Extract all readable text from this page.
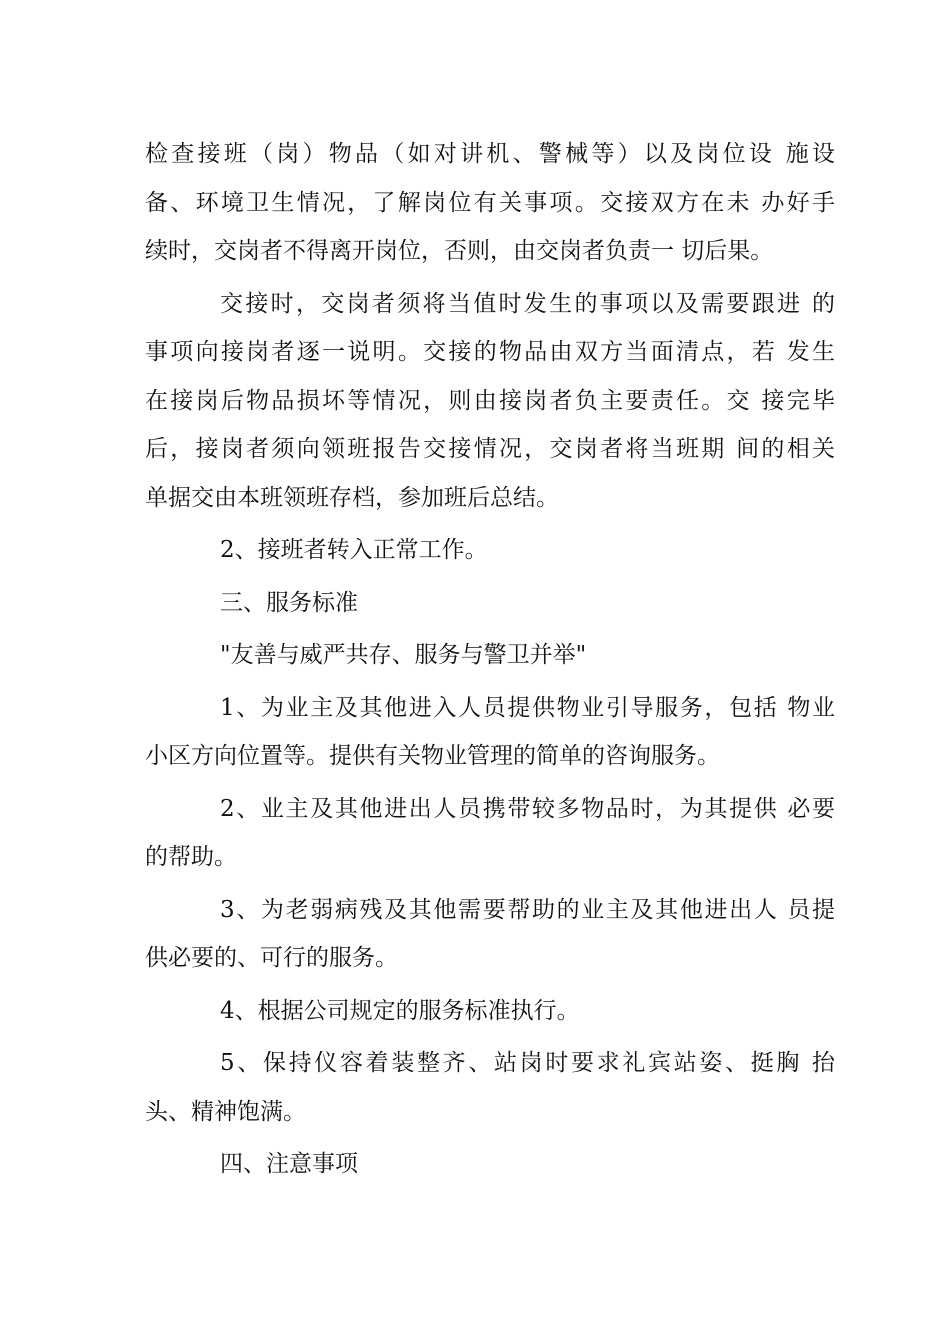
检查接班（岗）物品（如对讲机、警械等）以及岗位设 施设
备、环境卫生情况，了解岗位有关事项。交接双方在未 办好手
续时，交岗者不得离开岗位，否则，由交岗者负责一 切后果。
交接时，交岗者须将当值时发生的事项以及需要跟进 的
事项向接岗者逐一说明。交接的物品由双方当面清点，若 发生
在接岗后物品损坏等情况，则由接岗者负主要责任。交 接完毕
后，接岗者须向领班报告交接情况，交岗者将当班期 间的相关
单据交由本班领班存档，参加班后总结。
2、接班者转入正常工作。
三、服务标准
"友善与威严共存、服务与警卫并举"
1、为业主及其他进入人员提供物业引导服务，包括 物业
小区方向位置等。提供有关物业管理的简单的咨询服务。
2、业主及其他进出人员携带较多物品时，为其提供 必要
的帮助。
3、为老弱病残及其他需要帮助的业主及其他进出人 员提
供必要的、可行的服务。
4、根据公司规定的服务标准执行。
5、保持仪容着装整齐、站岗时要求礼宾站姿、挺胸 抬
头、精神饱满。
四、注意事项
